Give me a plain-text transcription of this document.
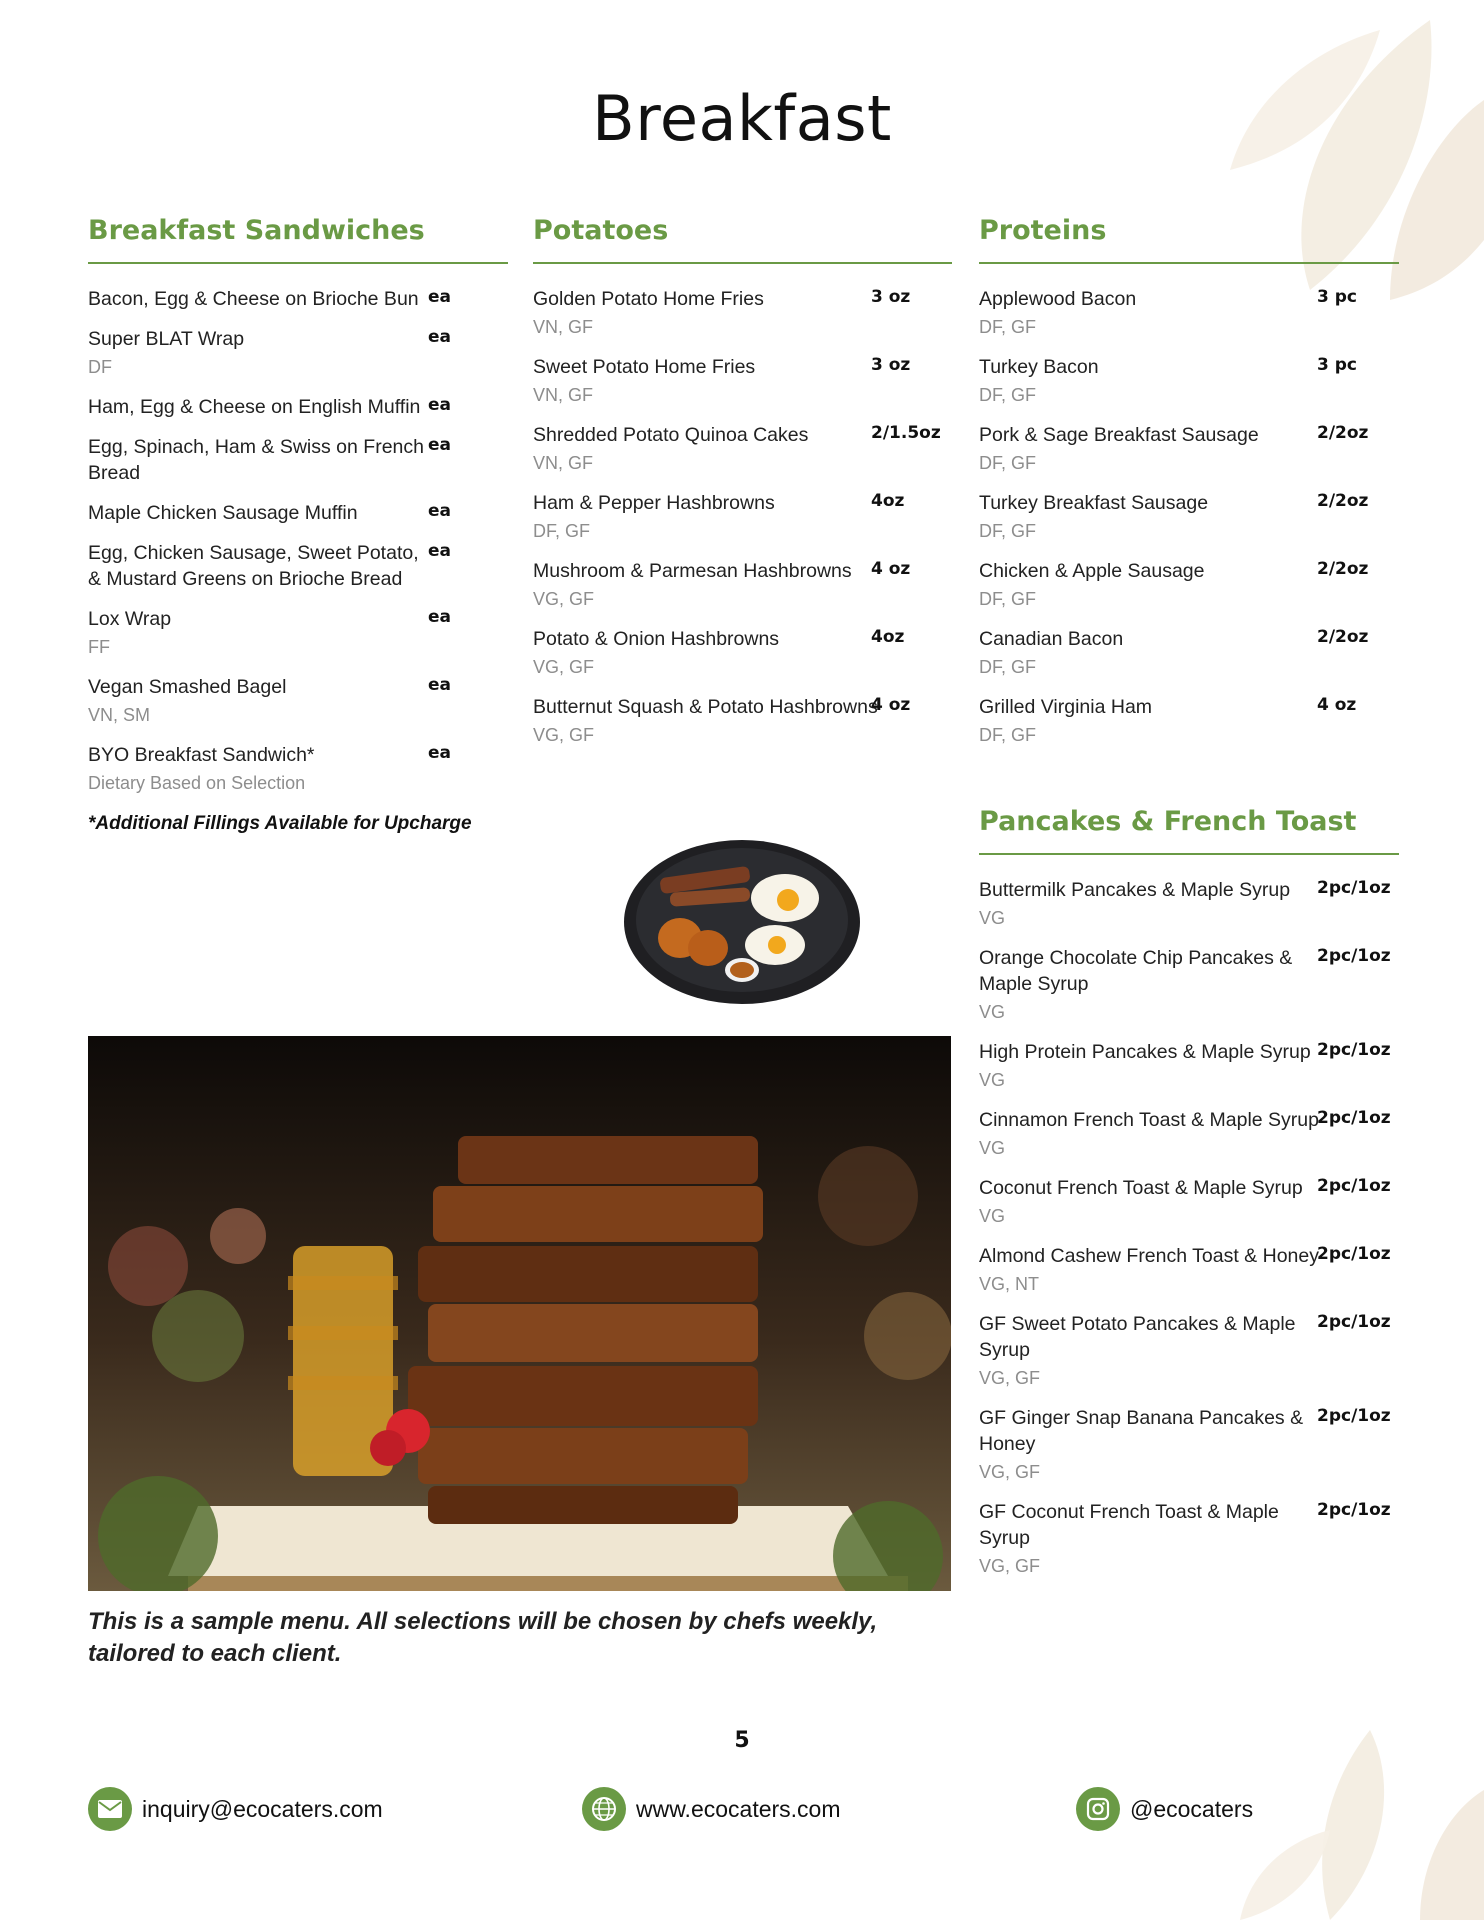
Breakfast
Breakfast Sandwiches
Bacon, Egg & Cheese on Brioche Bun ea
Super BLAT Wrap	ea
DF
Ham, Egg & Cheese on English Muffin ea
Egg, Spinach, Ham & Swiss on French Bread
ea
Maple Chicken Sausage Muffin	ea
Egg, Chicken Sausage, Sweet Potato, & Mustard Greens on Brioche Bread
ea
Lox Wrap	ea
FF
Vegan Smashed Bagel	ea
VN, SM
BYO Breakfast Sandwich*	ea
Dietary Based on Selection
*Additional Fillings Available for Upcharge
Potatoes
Golden Potato Home Fries	3 oz
VN, GF
Sweet Potato Home Fries	3 oz
VN, GF
Shredded Potato Quinoa Cakes	2/1.5oz
VN, GF
Ham & Pepper Hashbrowns	4oz
DF, GF
Mushroom & Parmesan Hashbrowns	4 oz
VG, GF
Potato & Onion Hashbrowns	4oz
VG, GF
Butternut Squash & Potato Hashbrowns
4 oz
VG, GF
Proteins
Applewood Bacon	3 pc
DF, GF
Turkey Bacon	3 pc
DF, GF
Pork & Sage Breakfast Sausage	2/2oz
DF, GF
Turkey Breakfast Sausage	2/2oz
DF, GF
Chicken & Apple Sausage	2/2oz
DF, GF
Canadian Bacon	2/2oz
DF, GF
Grilled Virginia Ham	4 oz
DF, GF
Pancakes & French Toast
Buttermilk Pancakes & Maple Syrup	2pc/1oz
VG
Orange Chocolate Chip Pancakes & Maple Syrup
2pc/1oz
VG
High Protein Pancakes & Maple Syrup 2pc/1oz
VG
Cinnamon French Toast & Maple Syrup
2pc/1oz
VG
Coconut French Toast & Maple Syrup 2pc/1oz
VG
Almond Cashew French Toast & Honey
2pc/1oz
VG, NT
GF Sweet Potato Pancakes & Maple Syrup
2pc/1oz
VG, GF
GF Ginger Snap Banana Pancakes & Honey
2pc/1oz
VG, GF
GF Coconut French Toast & Maple Syrup
2pc/1oz
VG, GF
This is a sample menu. All selections will be chosen by chefs weekly, tailored to each client.
5
inquiry@ecocaters.com	www.ecocaters.com	@ecocaters
